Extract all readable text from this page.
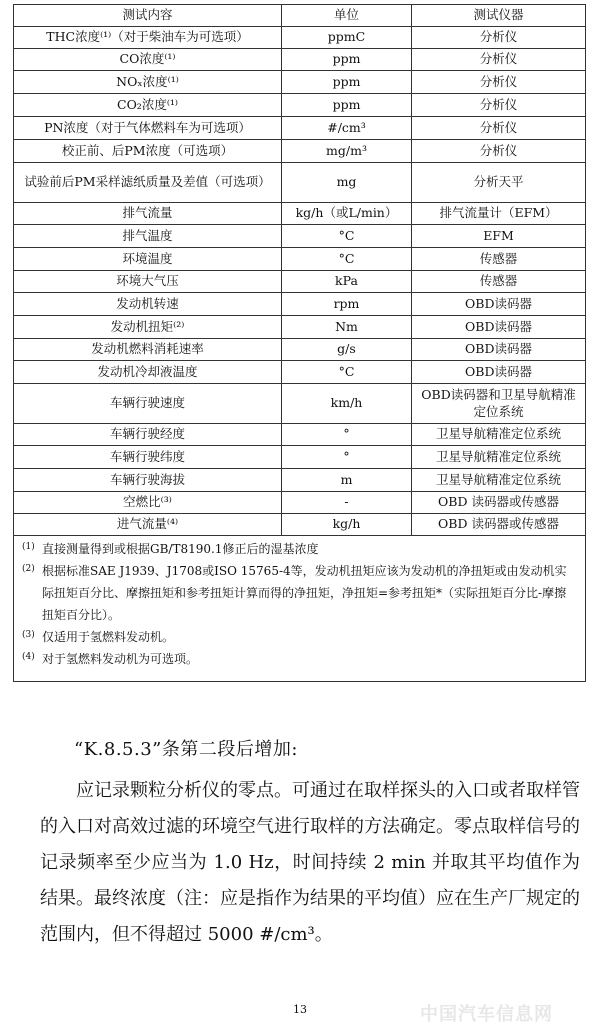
测试内容	单位	测试仪器
THC浓度⁽¹⁾（对于柴油车为可选项）	ppmC	分析仪
CO浓度⁽¹⁾	ppm	分析仪
NOₓ浓度⁽¹⁾	ppm	分析仪
CO₂浓度⁽¹⁾	ppm	分析仪
PN浓度（对于气体燃料车为可选项）	#/cm³	分析仪
校正前、后PM浓度（可选项）	mg/m³	分析仪
试验前后PM采样滤纸质量及差值（可选项）	mg	分析天平
排气流量	kg/h（或L/min）	排气流量计（EFM）
排气温度	°C	EFM
环境温度	°C	传感器
环境大气压	kPa	传感器
发动机转速	rpm	OBD读码器
发动机扭矩⁽²⁾	Nm	OBD读码器
发动机燃料消耗速率	g/s	OBD读码器
发动机冷却液温度	°C	OBD读码器
车辆行驶速度	km/h	OBD读码器和卫星导航精准定位系统
车辆行驶经度	°	卫星导航精准定位系统
车辆行驶纬度	°	卫星导航精准定位系统
车辆行驶海拔	m	卫星导航精准定位系统
空燃比⁽³⁾	-	OBD 读码器或传感器
进气流量⁽⁴⁾	kg/h	OBD 读码器或传感器

(1) 直接测量得到或根据GB/T8190.1修正后的湿基浓度
(2) 根据标准SAE J1939、J1708或ISO 15765-4等，发动机扭矩应该为发动机的净扭矩或由发动机实际扭矩百分比、摩擦扭矩和参考扭矩计算而得的净扭矩，净扭矩=参考扭矩*（实际扭矩百分比-摩擦扭矩百分比）。
(3) 仅适用于氢燃料发动机。
(4) 对于氢燃料发动机为可选项。		
“K.8.5.3”条第二段后增加:
应记录颗粒分析仪的零点。可通过在取样探头的入口或者取样管的入口对高效过滤的环境空气进行取样的方法确定。零点取样信号的记录频率至少应当为 1.0 Hz，时间持续 2 min 并取其平均值作为结果。最终浓度（注：应是指作为结果的平均值）应在生产厂规定的范围内，但不得超过 5000 #/cm³。
中国汽车信息网
13
